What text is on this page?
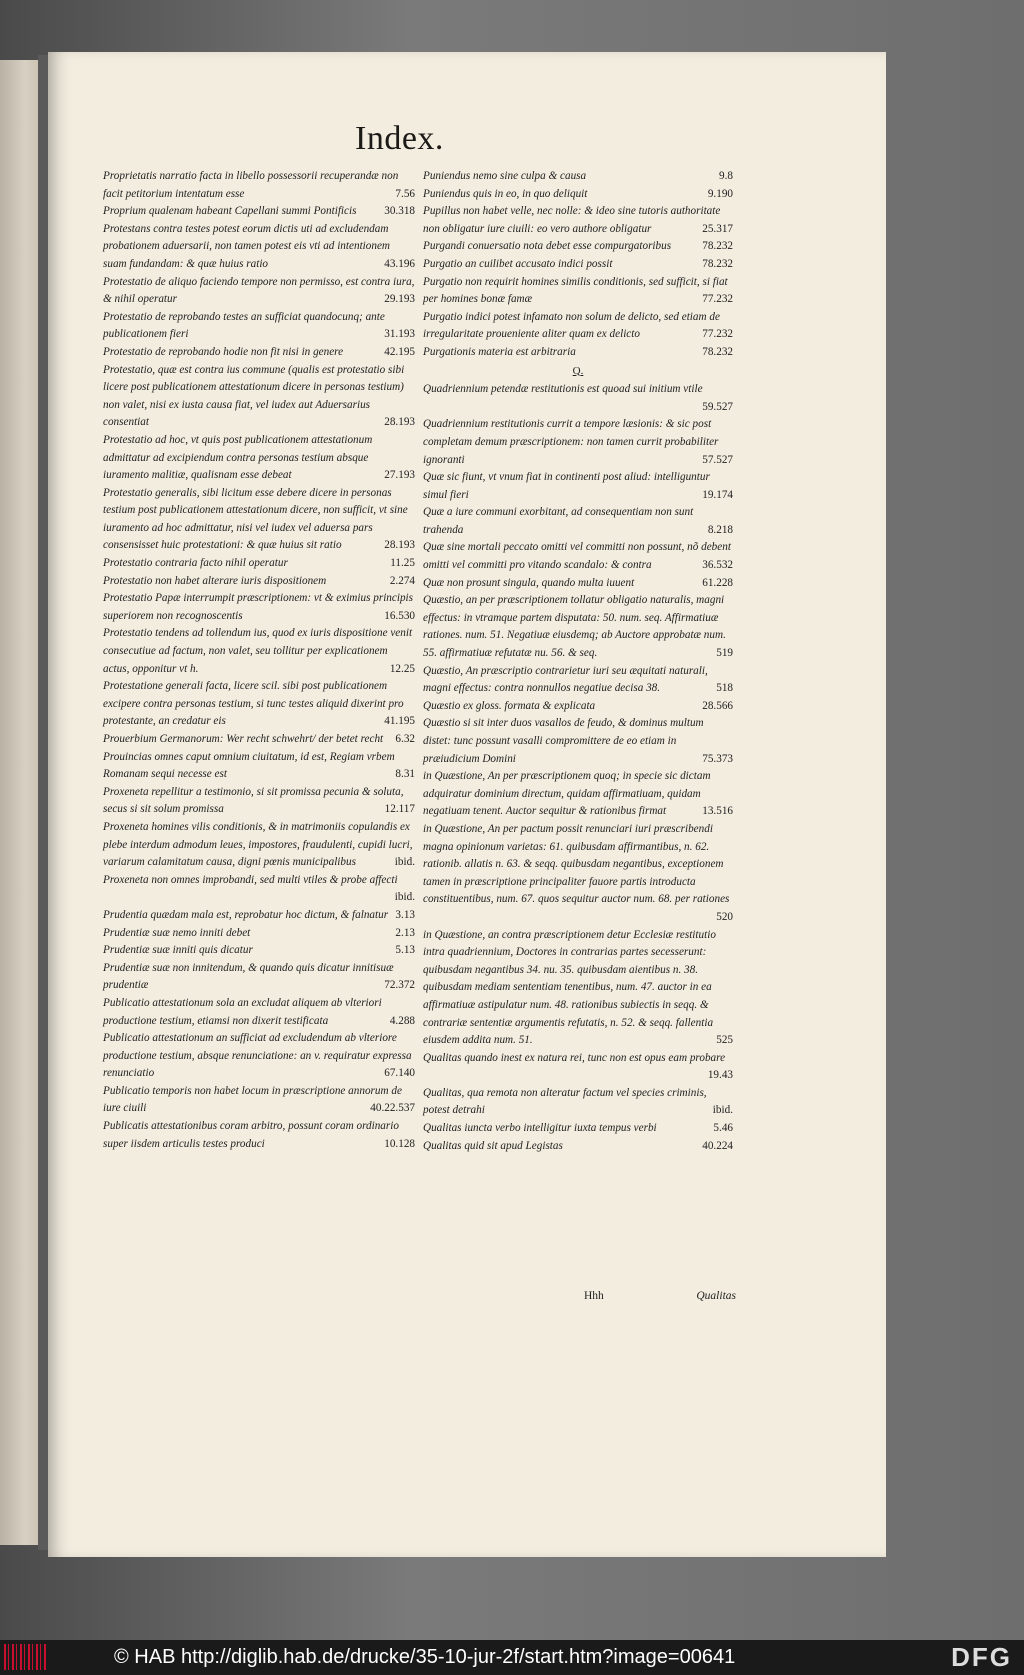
Index.
Proprietatis narratio facta in libello possessorii recuperandæ non facit petitorium intentatum esse	7.56
Proprium qualenam habeant Capellani summi Pontificis 30.318
Protestans contra testes potest eorum dictis uti ad excludendam probationem aduersarii, non tamen potest eis vti ad intentionem suam fundandam: & quæ huius ratio	43.196
Protestatio de aliquo faciendo tempore non permisso, est contra iura, & nihil operatur	29.193
Protestatio de reprobando testes an sufficiat quandocunq; ante publicationem fieri	31.193
Protestatio de reprobando hodie non fit nisi in genere	42.195
Protestatio, quæ est contra ius commune (qualis est protestatio sibi licere post publicationem attestationum dicere in personas testium) non valet, nisi ex iusta causa fiat, vel iudex aut Aduersarius consentiat	28.193
Protestatio ad hoc, vt quis post publicationem attestationum admittatur ad excipiendum contra personas testium absque iuramento malitiæ, qualisnam esse debeat	27.193
Protestatio generalis, sibi licitum esse debere dicere in personas testium post publicationem attestationum dicere, non sufficit, vt sine iuramento ad hoc admittatur, nisi vel iudex vel aduersa pars consensisset huic protestationi: & quæ huius sit ratio	28.193
Protestatio contraria facto nihil operatur	11.25
Protestatio non habet alterare iuris dispositionem	2.274
Protestatio Papæ interrumpit præscriptionem: vt & eximius principis superiorem non recognoscentis	16.530
Protestatio tendens ad tollendum ius, quod ex iuris dispositione venit consecutiue ad factum, non valet, seu tollitur per explicationem actus, opponitur vt h.	12.25
Protestatione generali facta, licere scil. sibi post publicationem excipere contra personas testium, si tunc testes aliquid dixerint pro protestante, an credatur eis	41.195
Prouerbium Germanorum: Wer recht schwehrt/ der betet recht 6.32
Prouincias omnes caput omnium ciuitatum, id est, Regiam vrbem Romanam sequi necesse est	8.31
Proxeneta repellitur a testimonio, si sit promissa pecunia & soluta, secus si sit solum promissa	12.117
Proxeneta homines vilis conditionis, & in matrimoniis copulandis ex plebe interdum admodum leues, impostores, fraudulenti, cupidi lucri, variarum calamitatum causa, digni pœnis municipalibus	ibid.
Proxeneta non omnes improbandi, sed multi vtiles & probe affecti
ibid.
Prudentia quædam mala est, reprobatur hoc dictum, & falnatur 3.13
Prudentiæ suæ nemo inniti debet	2.13
Prudentiæ suæ inniti quis dicatur	5.13
Prudentiæ suæ non innitendum, & quando quis dicatur innitisuæ prudentiæ	72.372
Publicatio attestationum sola an excludat aliquem ab vlteriori productione testium, etiamsi non dixerit testificata	4.288
Publicatio attestationum an sufficiat ad excludendum ab vlteriore productione testium, absque renunciatione: an v. requiratur expressa renunciatio	67.140
Publicatio temporis non habet locum in præscriptione annorum de iure ciuili	40.22.537
Publicatis attestationibus coram arbitro, possunt coram ordinario super iisdem articulis testes produci	10.128
Puniendus nemo sine culpa & causa	9.8
Puniendus quis in eo, in quo deliquit	9.190
Pupillus non habet velle, nec nolle: & ideo sine tutoris authoritate non obligatur iure ciuili: eo vero authore obligatur	25.317
Purgandi conuersatio nota debet esse compurgatoribus	78.232
Purgatio an cuilibet accusato indici possit	78.232
Purgatio non requirit homines similis conditionis, sed sufficit, si fiat per homines bonæ famæ	77.232
Purgatio indici potest infamato non solum de delicto, sed etiam de irregularitate proueniente aliter quam ex delicto	77.232
Purgationis materia est arbitraria	78.232
Q.
Quadriennium petendæ restitutionis est quoad sui initium vtile
59.527
Quadriennium restitutionis currit a tempore læsionis: & sic post completam demum præscriptionem: non tamen currit probabiliter ignoranti	57.527
Quæ sic fiunt, vt vnum fiat in continenti post aliud: intelliguntur simul fieri	19.174
Quæ a iure communi exorbitant, ad consequentiam non sunt trahenda	8.218
Quæ sine mortali peccato omitti vel committi non possunt, nõ debent omitti vel committi pro vitando scandalo: & contra	36.532
Quæ non prosunt singula, quando multa iuuent	61.228
Quæstio, an per præscriptionem tollatur obligatio naturalis, magni effectus: in vtramque partem disputata: 50. num. seq. Affirmatiuæ rationes. num. 51. Negatiuæ eiusdemq; ab Auctore approbatæ num. 55. affirmatiuæ refutatæ nu. 56. & seq.	519
Quæstio, An præscriptio contrarietur iuri seu æquitati naturali, magni effectus: contra nonnullos negatiue decisa 38.	518
Quæstio ex gloss. formata & explicata	28.566
Quæstio si sit inter duos vasallos de feudo, & dominus multum distet: tunc possunt vasalli compromittere de eo etiam in præiudicium Domini	75.373
in Quæstione, An per præscriptionem quoq; in specie sic dictam adquiratur dominium directum, quidam affirmatiuam, quidam negatiuam tenent. Auctor sequitur & rationibus firmat	13.516
in Quæstione, An per pactum possit renunciari iuri præscribendi magna opinionum varietas: 61. quibusdam affirmantibus, n. 62. rationib. allatis n. 63. & seqq. quibusdam negantibus, exceptionem tamen in præscriptione principaliter fauore partis introducta constituentibus, num. 67. quos sequitur auctor num. 68. per rationes
520
in Quæstione, an contra præscriptionem detur Ecclesiæ restitutio intra quadriennium, Doctores in contrarias partes secesserunt: quibusdam negantibus 34. nu. 35. quibusdam aientibus n. 38. quibusdam mediam sententiam tenentibus, num. 47. auctor in ea affirmatiuæ astipulatur num. 48. rationibus subiectis in seqq. & contrariæ sententiæ argumentis refutatis, n. 52. & seqq. fallentia eiusdem addita num. 51.	525
Qualitas quando inest ex natura rei, tunc non est opus eam probare
19.43
Qualitas, qua remota non alteratur factum vel species criminis, potest detrahi	ibid.
Qualitas iuncta verbo intelligitur iuxta tempus verbi	5.46
Qualitas quid sit apud Legistas	40.224
Hhh	Qualitas
© HAB http://diglib.hab.de/drucke/35-10-jur-2f/start.htm?image=00641	DFG
